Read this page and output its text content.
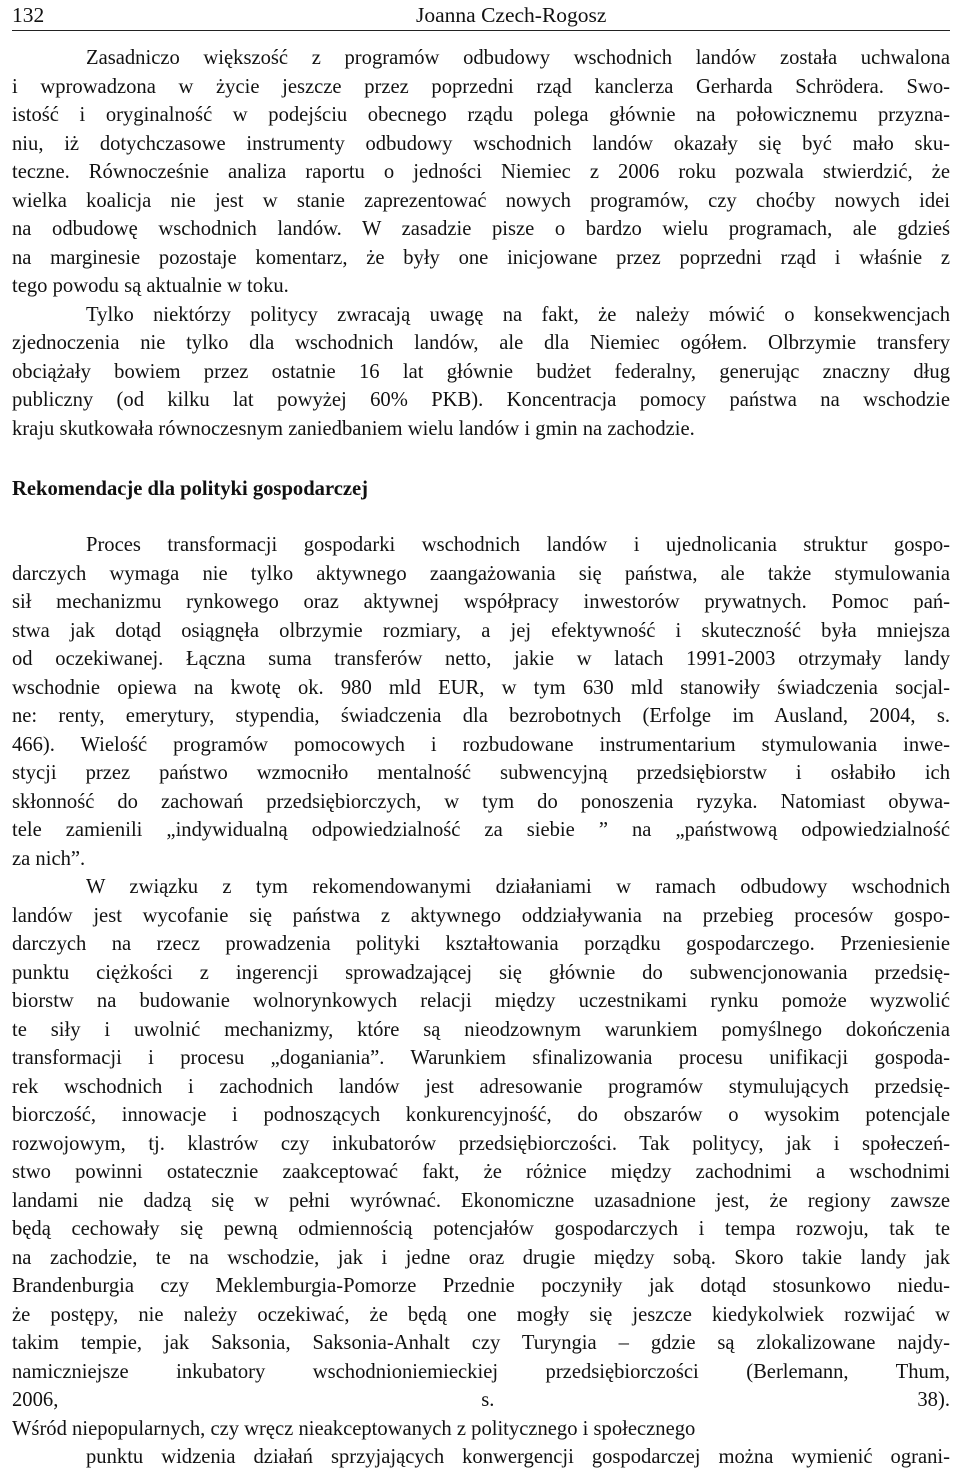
132	Joanna Czech-Rogosz
Zasadniczo większość z programów odbudowy wschodnich landów została uchwalona
i wprowadzona w życie jeszcze przez poprzedni rząd kanclerza Gerharda Schrödera. Swo-
istość i oryginalność w podejściu obecnego rządu polega głównie na połowicznemu przyzna-
niu, iż dotychczasowe instrumenty odbudowy wschodnich landów okazały się być mało sku-
teczne. Równocześnie analiza raportu o jedności Niemiec z 2006 roku pozwala stwierdzić, że
wielka koalicja nie jest w stanie zaprezentować nowych programów, czy choćby nowych idei
na odbudowę wschodnich landów. W zasadzie pisze o bardzo wielu programach, ale gdzieś
na marginesie pozostaje komentarz, że były one inicjowane przez poprzedni rząd i właśnie z
tego powodu są aktualnie w toku.
Tylko niektórzy politycy zwracają uwagę na fakt, że należy mówić o konsekwencjach
zjednoczenia nie tylko dla wschodnich landów, ale dla Niemiec ogółem. Olbrzymie transfery
obciążały bowiem przez ostatnie 16 lat głównie budżet federalny, generując znaczny dług
publiczny (od kilku lat powyżej 60% PKB). Koncentracja pomocy państwa na wschodzie
kraju skutkowała równoczesnym zaniedbaniem wielu landów i gmin na zachodzie.
Rekomendacje dla polityki gospodarczej
Proces transformacji gospodarki wschodnich landów i ujednolicania struktur gospo-
darczych wymaga nie tylko aktywnego zaangażowania się państwa, ale także stymulowania
sił mechanizmu rynkowego oraz aktywnej współpracy inwestorów prywatnych. Pomoc pań-
stwa jak dotąd osiągnęła olbrzymie rozmiary, a jej efektywność i skuteczność była mniejsza
od oczekiwanej. Łączna suma transferów netto, jakie w latach 1991-2003 otrzymały landy
wschodnie opiewa na kwotę ok. 980 mld EUR, w tym 630 mld stanowiły świadczenia socjal-
ne: renty, emerytury, stypendia, świadczenia dla bezrobotnych (Erfolge im Ausland, 2004, s.
466). Wielość programów pomocowych i rozbudowane instrumentarium stymulowania inwe-
stycji przez państwo wzmocniło mentalność subwencyjną przedsiębiorstw i osłabiło ich
skłonność do zachowań przedsiębiorczych, w tym do ponoszenia ryzyka. Natomiast obywa-
tele zamienili „indywidualną odpowiedzialność za siebie ” na „państwową odpowiedzialność
za nich”.
W związku z tym rekomendowanymi działaniami w ramach odbudowy wschodnich
landów jest wycofanie się państwa z aktywnego oddziaływania na przebieg procesów gospo-
darczych na rzecz prowadzenia polityki kształtowania porządku gospodarczego. Przeniesienie
punktu ciężkości z ingerencji sprowadzającej się głównie do subwencjonowania przedsię-
biorstw na budowanie wolnorynkowych relacji między uczestnikami rynku pomoże wyzwolić
te siły i uwolnić mechanizmy, które są nieodzownym warunkiem pomyślnego dokończenia
transformacji i procesu „doganiania”. Warunkiem sfinalizowania procesu unifikacji gospoda-
rek wschodnich i zachodnich landów jest adresowanie programów stymulujących przedsię-
biorczość, innowacje i podnoszących konkurencyjność, do obszarów o wysokim potencjale
rozwojowym, tj. klastrów czy inkubatorów przedsiębiorczości. Tak politycy, jak i społeczeń-
stwo powinni ostatecznie zaakceptować fakt, że różnice między zachodnimi a wschodnimi
landami nie dadzą się w pełni wyrównać. Ekonomiczne uzasadnione jest, że regiony zawsze
będą cechowały się pewną odmiennością potencjałów gospodarczych i tempa rozwoju, tak te
na zachodzie, te na wschodzie, jak i jedne oraz drugie między sobą. Skoro takie landy jak
Brandenburgia czy Meklemburgia-Pomorze Przednie poczyniły jak dotąd stosunkowo niedu-
że postępy, nie należy oczekiwać, że będą one mogły się jeszcze kiedykolwiek rozwijać w
takim tempie, jak Saksonia, Saksonia-Anhalt czy Turyngia – gdzie są zlokalizowane najdy-
namiczniejsze inkubatory wschodnioniemieckiej przedsiębiorczości (Berlemann, Thum,
2006, s. 38).
Wśród niepopularnych, czy wręcz nieakceptowanych z politycznego i społecznego
punktu widzenia działań sprzyjających konwergencji gospodarczej można wymienić ograni-
